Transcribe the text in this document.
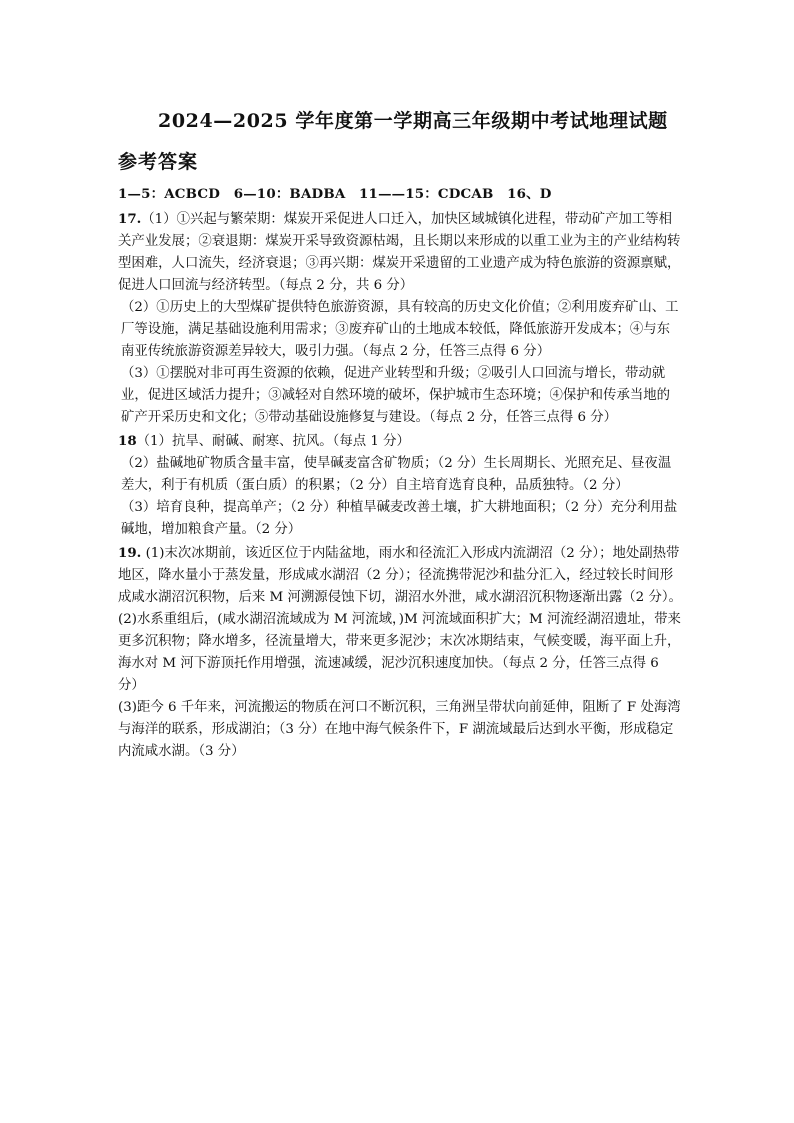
2024—2025 学年度第一学期高三年级期中考试地理试题
参考答案

1—5：ACBCD　6—10：BADBA　11——15：CDCAB　16、D

17.（1）①兴起与繁荣期：煤炭开采促进人口迁入，加快区域城镇化进程，带动矿产加工等相关产业发展；②衰退期：煤炭开采导致资源枯竭，且长期以来形成的以重工业为主的产业结构转型困难，人口流失，经济衰退；③再兴期：煤炭开采遗留的工业遗产成为特色旅游的资源禀赋，促进人口回流与经济转型。（每点 2 分，共 6 分）

（2）①历史上的大型煤矿提供特色旅游资源，具有较高的历史文化价值；②利用废弃矿山、工厂等设施，满足基础设施利用需求；③废弃矿山的土地成本较低，降低旅游开发成本；④与东南亚传统旅游资源差异较大，吸引力强。（每点 2 分，任答三点得 6 分）

（3）①摆脱对非可再生资源的依赖，促进产业转型和升级；②吸引人口回流与增长，带动就业，促进区域活力提升；③减轻对自然环境的破坏，保护城市生态环境；④保护和传承当地的矿产开采历史和文化；⑤带动基础设施修复与建设。（每点 2 分，任答三点得 6 分）

18（1）抗旱、耐碱、耐寒、抗风。（每点 1 分）

（2）盐碱地矿物质含量丰富，使旱碱麦富含矿物质；（2 分）生长周期长、光照充足、昼夜温差大，利于有机质（蛋白质）的积累；（2 分）自主培育选育良种，品质独特。（2 分）

（3）培育良种，提高单产；（2 分）种植旱碱麦改善土壤，扩大耕地面积；（2 分）充分利用盐碱地，增加粮食产量。（2 分）

19. (1)末次冰期前，该近区位于内陆盆地，雨水和径流汇入形成内流湖沼（2 分）；地处副热带地区，降水量小于蒸发量，形成咸水湖沼（2 分）；径流携带泥沙和盐分汇入，经过较长时间形成咸水湖沼沉积物，后来 M 河溯源侵蚀下切，湖沼水外泄，咸水湖沼沉积物逐渐出露（2 分）。

(2)水系重组后，(咸水湖沼流域成为 M 河流域，)M 河流域面积扩大；M 河流经湖沼遗址，带来更多沉积物；降水增多，径流量增大，带来更多泥沙；末次冰期结束，气候变暖，海平面上升，海水对 M 河下游顶托作用增强，流速减缓，泥沙沉积速度加快。（每点 2 分，任答三点得 6 分）

(3)距今 6 千年来，河流搬运的物质在河口不断沉积，三角洲呈带状向前延伸，阻断了 F 处海湾与海洋的联系，形成湖泊；（3 分）在地中海气候条件下，F 湖流域最后达到水平衡，形成稳定内流咸水湖。（3 分）
